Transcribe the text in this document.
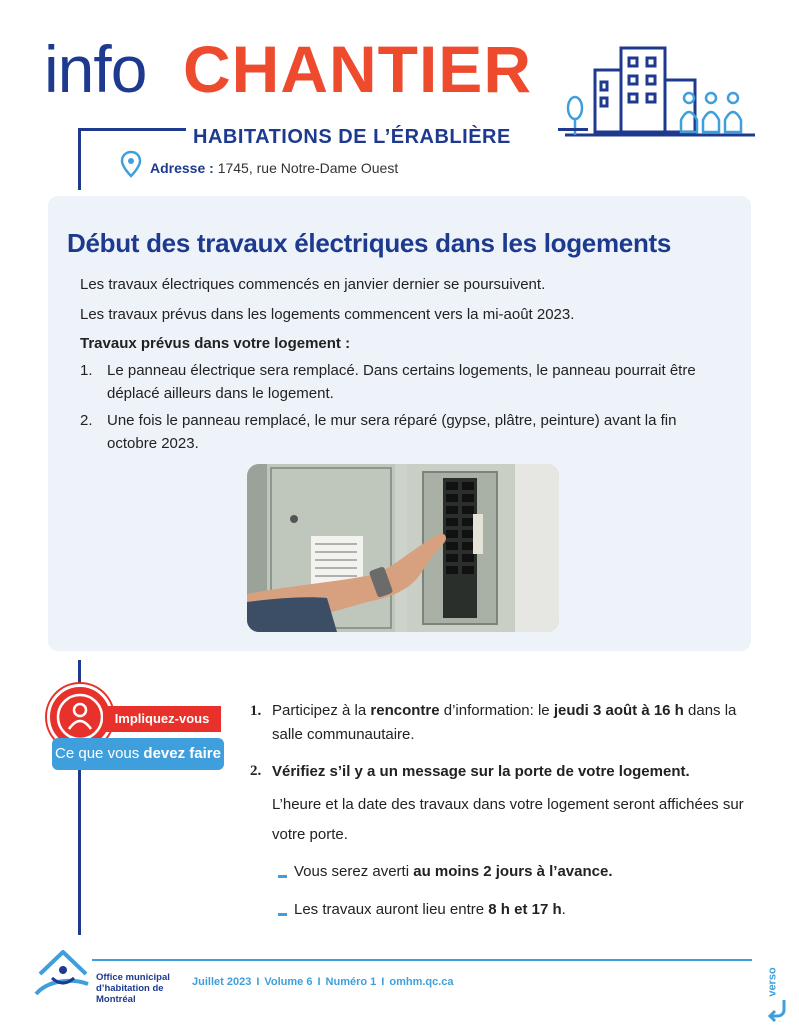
info CHANTIER
HABITATIONS DE L’ÉRABLIÈRE
Adresse : 1745, rue Notre-Dame Ouest
Début des travaux électriques dans les logements
Les travaux électriques commencés en janvier dernier se poursuivent.
Les travaux prévus dans les logements commencent vers la mi-août 2023.
Travaux prévus dans votre logement :
1. Le panneau électrique sera remplacé. Dans certains logements, le panneau pourrait être déplacé ailleurs dans le logement.
2. Une fois le panneau remplacé, le mur sera réparé (gypse, plâtre, peinture) avant la fin octobre 2023.
Impliquez-vous
Ce que vous devez faire
1. Participez à la rencontre d’information: le jeudi 3 août à 16 h dans la salle communautaire.
2. Vérifiez s’il y a un message sur la porte de votre logement.
L’heure et la date des travaux dans votre logement seront affichées sur votre porte.
Vous serez averti au moins 2 jours à l’avance.
Les travaux auront lieu entre 8 h et 17 h.
Office municipal d’habitation de Montréal
Juillet 2023 I Volume 6 I Numéro 1 I omhm.qc.ca	verso
